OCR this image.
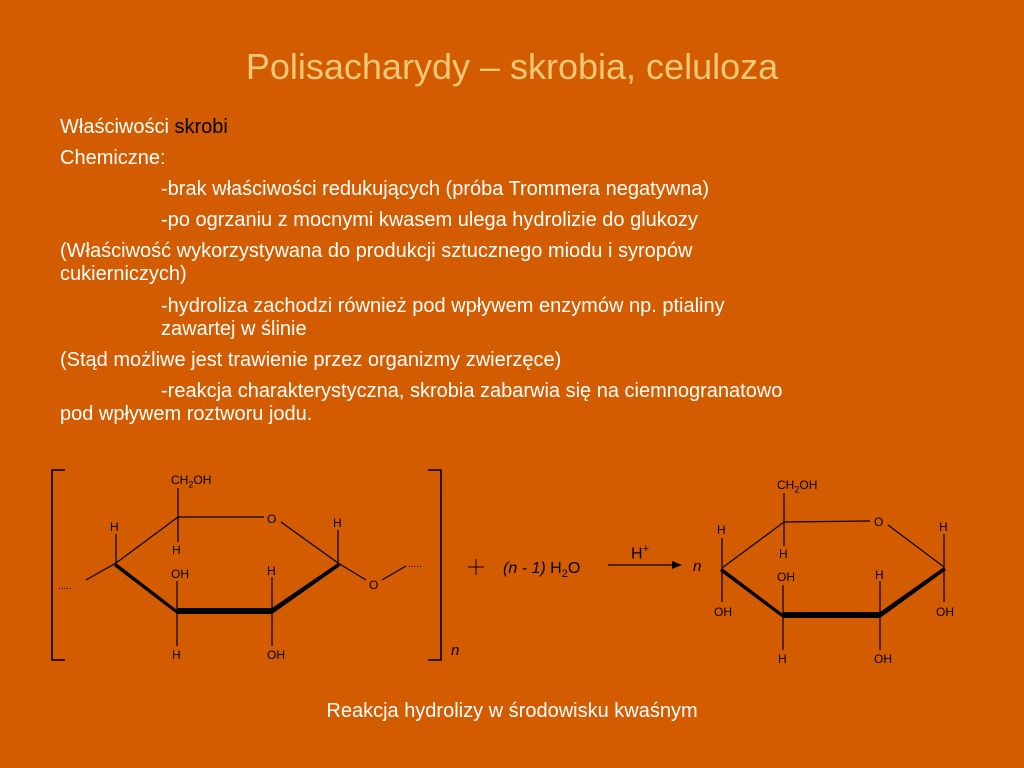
Polisacharydy – skrobia, celuloza
Właściwości skrobi
Chemiczne:
-brak właściwości redukujących (próba Trommera negatywna)
-po ogrzaniu z mocnymi kwasem ulega hydrolizie do glukozy
(Właściwość wykorzystywana do produkcji sztucznego miodu i syropów
cukierniczych)
-hydroliza zachodzi również pod wpływem enzymów np. ptialiny
zawartej w ślinie
(Stąd możliwe jest trawienie przez organizmy zwierzęce)
-reakcja charakterystyczna, skrobia zabarwia się na ciemnogranatowo
pod wpływem roztworu jodu.
$CH_2OH$
O
H	H
H
OH	H
H	OH
O
.....
.....
n
(n - 1) $H_2O$
H+
n
$CH_2OH$
O
H	H
H
OH	H
OH	OH
H	OH
Reakcja hydrolizy w środowisku kwaśnym
